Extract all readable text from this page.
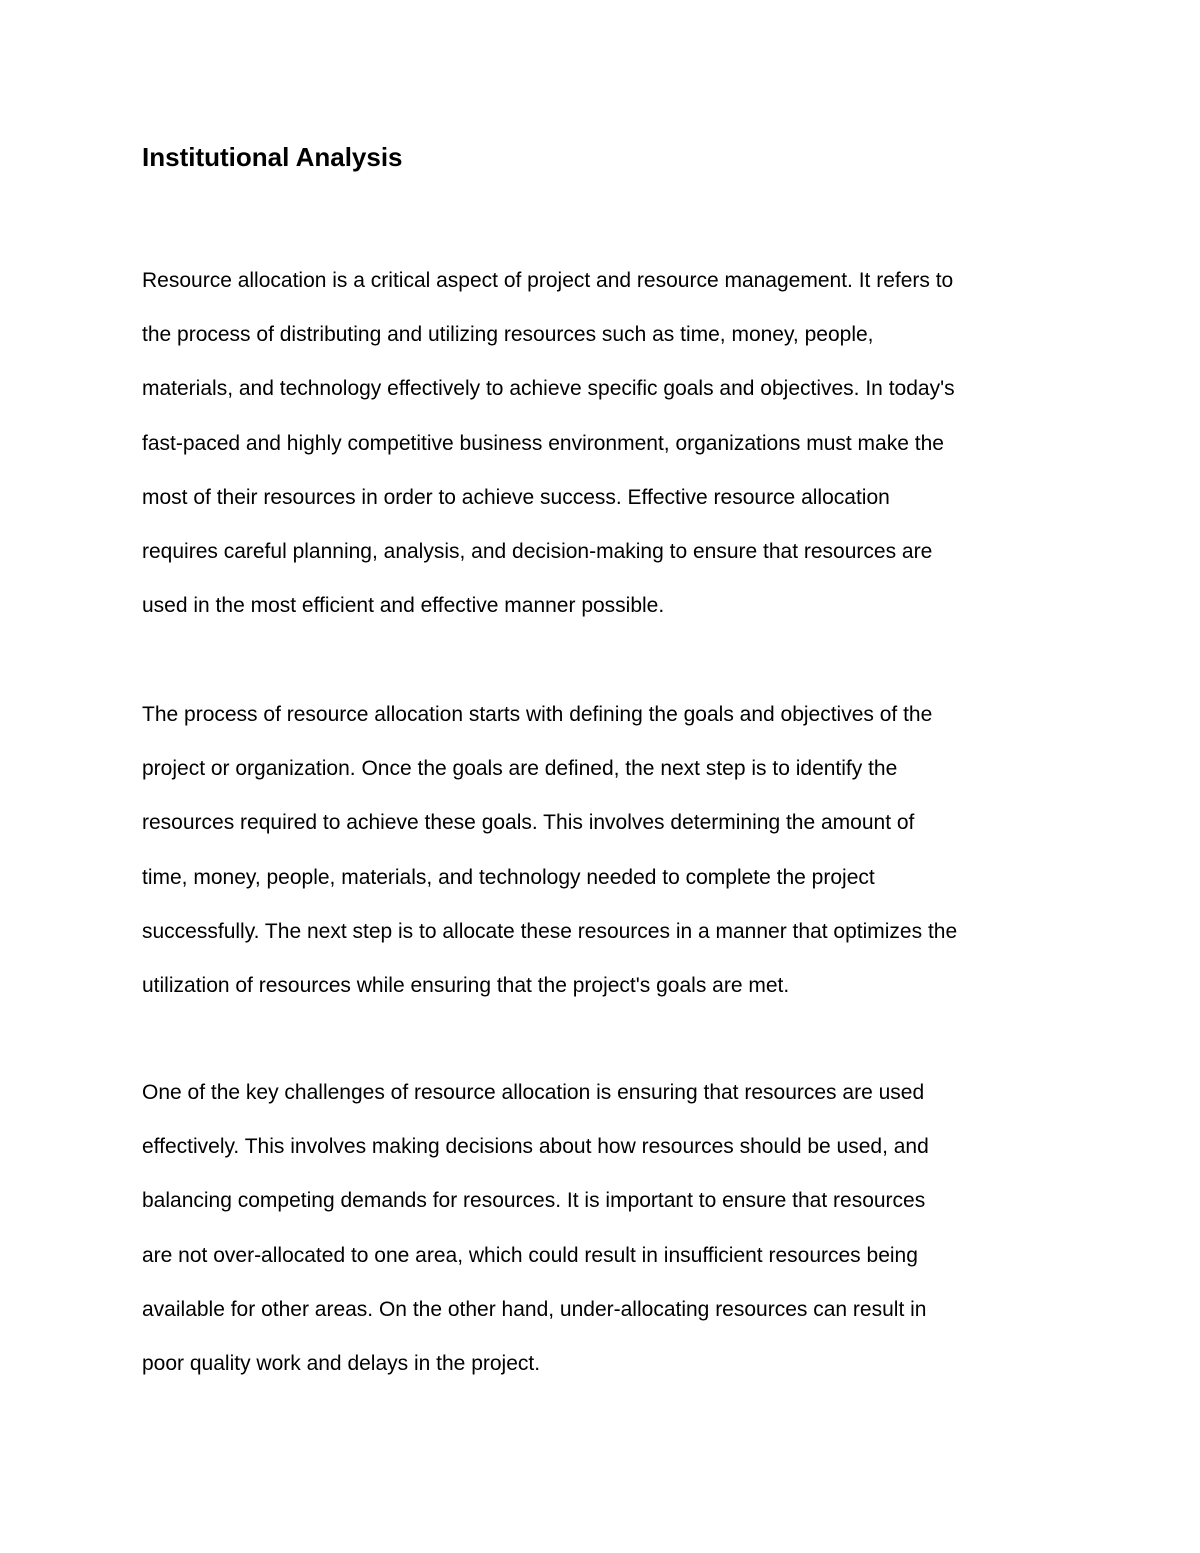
Institutional Analysis

Resource allocation is a critical aspect of project and resource management. It refers to
the process of distributing and utilizing resources such as time, money, people,
materials, and technology effectively to achieve specific goals and objectives. In today's
fast-paced and highly competitive business environment, organizations must make the
most of their resources in order to achieve success. Effective resource allocation
requires careful planning, analysis, and decision-making to ensure that resources are
used in the most efficient and effective manner possible.

The process of resource allocation starts with defining the goals and objectives of the
project or organization. Once the goals are defined, the next step is to identify the
resources required to achieve these goals. This involves determining the amount of
time, money, people, materials, and technology needed to complete the project
successfully. The next step is to allocate these resources in a manner that optimizes the
utilization of resources while ensuring that the project's goals are met.

One of the key challenges of resource allocation is ensuring that resources are used
effectively. This involves making decisions about how resources should be used, and
balancing competing demands for resources. It is important to ensure that resources
are not over-allocated to one area, which could result in insufficient resources being
available for other areas. On the other hand, under-allocating resources can result in
poor quality work and delays in the project.
